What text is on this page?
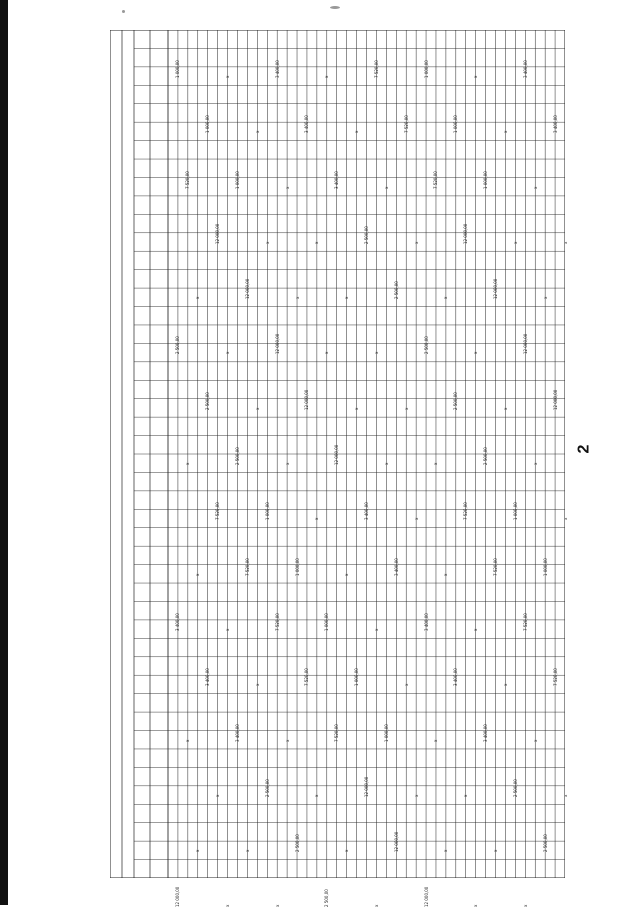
1 000,00
2 500,00
3 400,00
12 000,00
7 520,00
x
x
x
x
x
1 000,00
2 500,00
3 400,00
12 000,00
7 520,00
x
x
x
x
x
1 000,00
2 500,00
3 400,00
12 000,00
7 520,00
x
x
x
x
x
1 000,00
2 500,00
3 400,00
12 000,00
7 520,00
x
x
x
x
x
1 000,00
2 500,00
3 400,00
12 000,00
7 520,00
x
x
x
x
x
1 000,00
2 500,00
3 400,00
12 000,00
7 520,00
x
x
x
x
x
1 000,00
2 500,00
3 400,00
12 000,00
7 520,00
x
x
x
x
x
1 000,00
2 500,00
3 400,00
12 000,00
7 520,00
x
x
x
x
x
1 000,00
2 500,00
3 400,00
12 000,00
7 520,00
x
x
x
x
x
1 000,00
2 500,00
3 400,00
12 000,00
7 520,00
x
x
x
x
x
1 000,00
2 500,00
3 400,00
12 000,00
7 520,00
x
x
x
x
x
1 000,00
2 500,00
3 400,00
12 000,00
7 520,00
x
x
x
x
x
1 000,00
2 500,00
3 400,00
12 000,00
7 520,00
x
x
x
2
